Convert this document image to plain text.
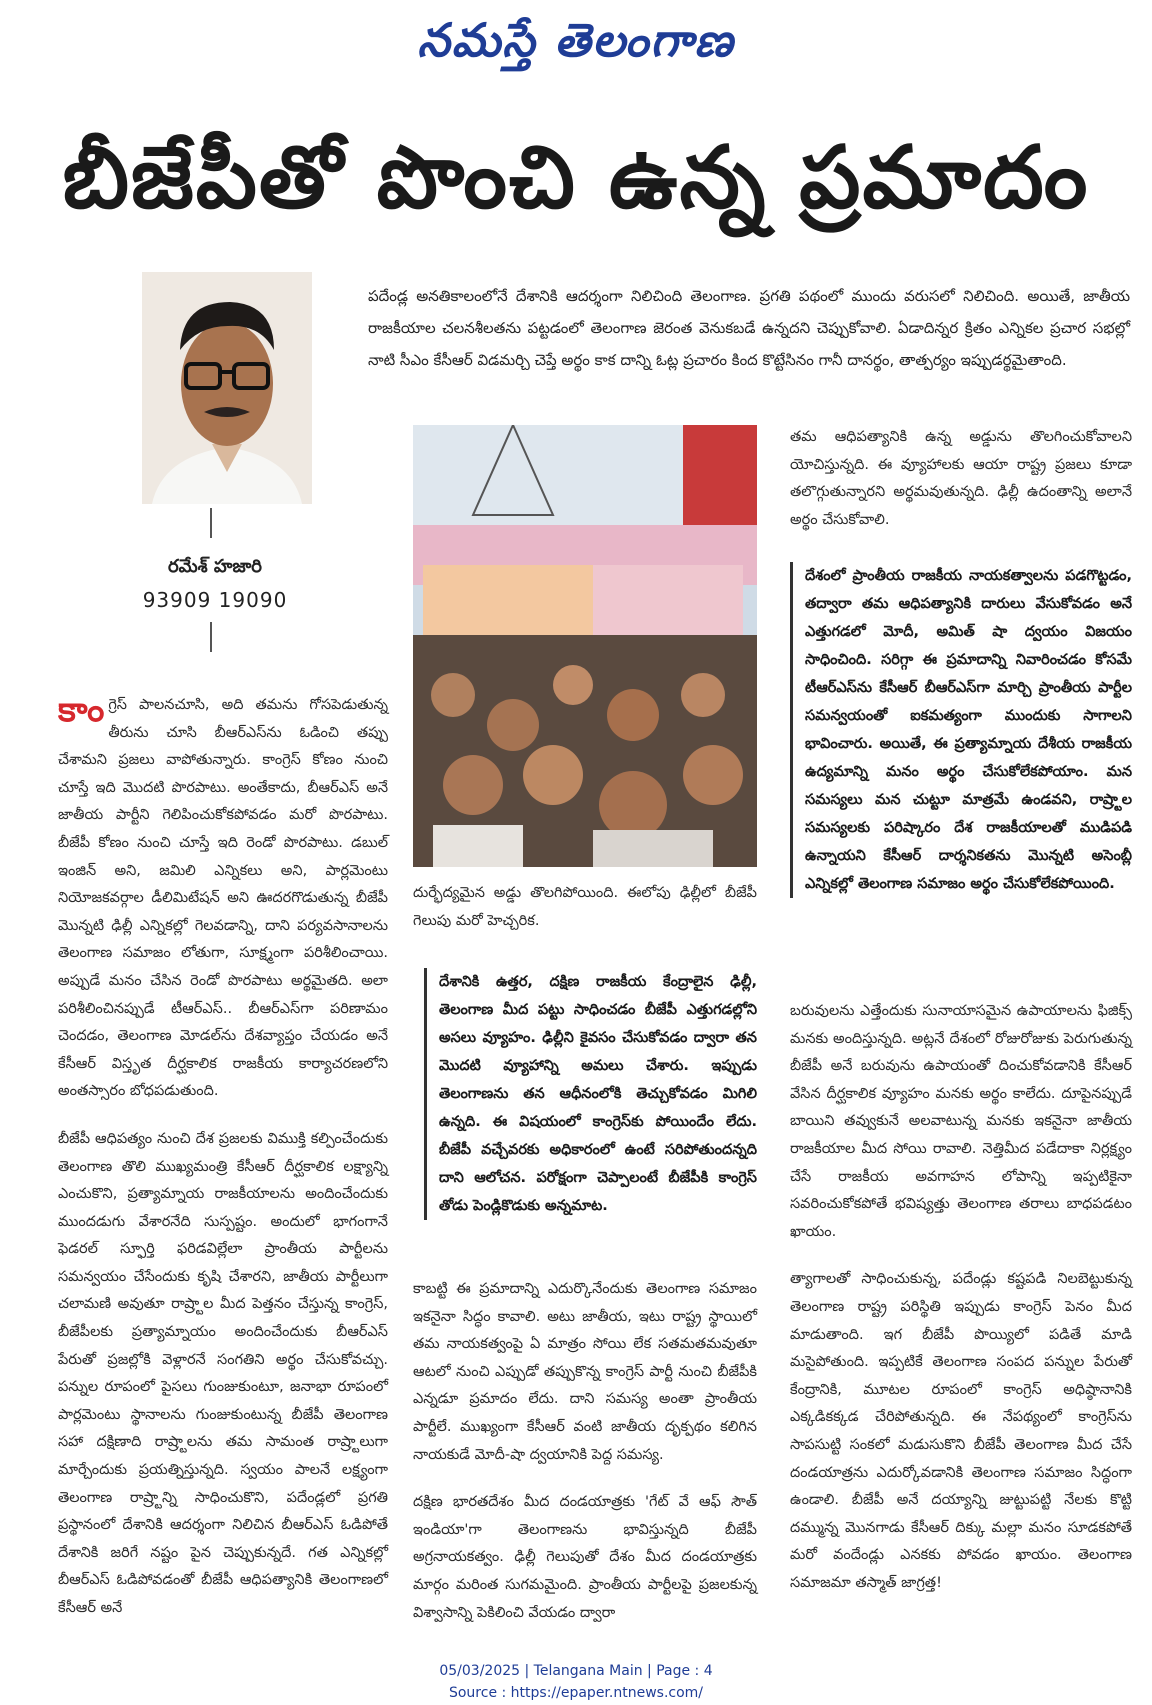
నమస్తే తెలంగాణ
బీజేపీతో పొంచి ఉన్న ప్రమాదం
రమేశ్ హజారి
93909 19090
పదేండ్ల అనతికాలంలోనే దేశానికి ఆదర్శంగా నిలిచింది తెలంగాణ. ప్రగతి పథంలో ముందు వరుసలో నిలిచింది. అయితే, జాతీయ రాజకీయాల చలనశీలతను పట్టడంలో తెలంగాణ జెరంత వెనుకబడే ఉన్నదని చెప్పుకోవాలి. ఏడాదిన్నర క్రితం ఎన్నికల ప్రచార సభల్లో నాటి సీఎం కేసీఆర్ విడమర్చి చెప్తే అర్థం కాక దాన్ని ఓట్ల ప్రచారం కింద కొట్టేసినం గానీ దానర్థం, తాత్పర్యం ఇప్పుడర్థమైతాంది.

కాంగ్రెస్ పాలనచూసి, అది తమను గోసపెడుతున్న తీరును చూసి బీఆర్ఎస్‌ను ఓడించి తప్పు చేశామని ప్రజలు వాపోతున్నారు. కాంగ్రెస్ కోణం నుంచి చూస్తే ఇది మొదటి పొరపాటు. అంతేకాదు, బీఆర్ఎస్ అనే జాతీయ పార్టీని గెలిపించుకోకపోవడం మరో పొరపాటు. బీజేపీ కోణం నుంచి చూస్తే ఇది రెండో పొరపాటు. డబుల్ ఇంజిన్ అని, జమిలి ఎన్నికలు అని, పార్లమెంటు నియోజకవర్గాల డీలిమిటేషన్ అని ఊదరగొడుతున్న బీజేపీ మొన్నటి ఢిల్లీ ఎన్నికల్లో గెలవడాన్ని, దాని పర్యవసానాలను తెలంగాణ సమాజం లోతుగా, సూక్ష్మంగా పరిశీలించాయి. అప్పుడే మనం చేసిన రెండో పొరపాటు అర్థమైతది. అలా పరిశీలించినప్పుడే టీఆర్ఎస్.. బీఆర్ఎస్‌గా పరిణామం చెందడం, తెలంగాణ మోడల్‌ను దేశవ్యాప్తం చేయడం అనే కేసీఆర్ విస్తృత దీర్ఘకాలిక రాజకీయ కార్యాచరణలోని అంతస్సారం బోధపడుతుంది.

బీజేపీ ఆధిపత్యం నుంచి దేశ ప్రజలకు విముక్తి కల్పించేందుకు తెలంగాణ తొలి ముఖ్యమంత్రి కేసీఆర్ దీర్ఘకాలిక లక్ష్యాన్ని ఎంచుకొని, ప్రత్యామ్నాయ రాజకీయాలను అందించేందుకు ముందడుగు వేశారనేది సుస్పష్టం. అందులో భాగంగానే ఫెడరల్ స్ఫూర్తి ఫరిడవిల్లేలా ప్రాంతీయ పార్టీలను సమన్వయం చేసేందుకు కృషి చేశారని, జాతీయ పార్టీలుగా చలామణి అవుతూ రాష్ర్టాల మీద పెత్తనం చేస్తున్న కాంగ్రెస్, బీజేపీలకు ప్రత్యామ్నాయం అందించేందుకు బీఆర్ఎస్ పేరుతో ప్రజల్లోకి వెళ్లారనే సంగతిని అర్థం చేసుకోవచ్చు. పన్నుల రూపంలో పైసలు గుంజుకుంటూ, జనాభా రూపంలో పార్లమెంటు స్థానాలను గుంజుకుంటున్న బీజేపీ తెలంగాణ సహా దక్షిణాది రాష్ర్టాలను తమ సామంత రాష్ర్టాలుగా మార్చేందుకు ప్రయత్నిస్తున్నది. స్వయం పాలనే లక్ష్యంగా తెలంగాణ రాష్ర్టాన్ని సాధించుకొని, పదేండ్లలో ప్రగతి ప్రస్థానంలో దేశానికి ఆదర్శంగా నిలిచిన బీఆర్ఎస్ ఓడిపోతే దేశానికి జరిగే నష్టం పైన చెప్పుకున్నదే. గత ఎన్నికల్లో బీఆర్ఎస్ ఓడిపోవడంతో బీజేపీ ఆధిపత్యానికి తెలంగాణలో కేసీఆర్ అనే

దుర్భేద్యమైన అడ్డు తొలగిపోయింది. ఈలోపు ఢిల్లీలో బీజేపీ గెలుపు మరో హెచ్చరిక.

దేశానికి ఉత్తర, దక్షిణ రాజకీయ కేంద్రాలైన ఢిల్లీ, తెలంగాణ మీద పట్టు సాధించడం బీజేపీ ఎత్తుగడల్లోని అసలు వ్యూహం. ఢిల్లీని కైవసం చేసుకోవడం ద్వారా తన మొదటి వ్యూహాన్ని అమలు చేశారు. ఇప్పుడు తెలంగాణను తన ఆధీనంలోకి తెచ్చుకోవడం మిగిలి ఉన్నది. ఈ విషయంలో కాంగ్రెస్‌కు పోయిందేం లేదు. బీజేపీ వచ్చేవరకు అధికారంలో ఉంటే సరిపోతుందన్నది దాని ఆలోచన. పరోక్షంగా చెప్పాలంటే బీజేపీకి కాంగ్రెస్ తోడు పెండ్లికొడుకు అన్నమాట.

కాబట్టి ఈ ప్రమాదాన్ని ఎదుర్కొనేందుకు తెలంగాణ సమాజం ఇకనైనా సిద్ధం కావాలి. అటు జాతీయ, ఇటు రాష్ట్ర స్థాయిలో తమ నాయకత్వంపై ఏ మాత్రం సోయి లేక సతమతమవుతూ ఆటలో నుంచి ఎప్పుడో తప్పుకొన్న కాంగ్రెస్ పార్టీ నుంచి బీజేపీకి ఎన్నడూ ప్రమాదం లేదు. దాని సమస్య అంతా ప్రాంతీయ పార్టీలే. ముఖ్యంగా కేసీఆర్ వంటి జాతీయ దృక్పథం కలిగిన నాయకుడే మోదీ-షా ద్వయానికి పెద్ద సమస్య.

దక్షిణ భారతదేశం మీద దండయాత్రకు 'గేట్ వే ఆఫ్ సౌత్ ఇండియా'గా తెలంగాణను భావిస్తున్నది బీజేపీ అగ్రనాయకత్వం. ఢిల్లీ గెలుపుతో దేశం మీద దండయాత్రకు మార్గం మరింత సుగమమైంది. ప్రాంతీయ పార్టీలపై ప్రజలకున్న విశ్వాసాన్ని పెకిలించి వేయడం ద్వారా

తమ ఆధిపత్యానికి ఉన్న అడ్డును తొలగించుకోవాలని యోచిస్తున్నది. ఈ వ్యూహాలకు ఆయా రాష్ట్ర ప్రజలు కూడా తలొగ్గుతున్నారని అర్థమవుతున్నది. ఢిల్లీ ఉదంతాన్ని అలానే అర్థం చేసుకోవాలి.

దేశంలో ప్రాంతీయ రాజకీయ నాయకత్వాలను పడగొట్టడం, తద్వారా తమ ఆధిపత్యానికి దారులు వేసుకోవడం అనే ఎత్తుగడలో మోదీ, అమిత్ షా ద్వయం విజయం సాధించింది. సరిగ్గా ఈ ప్రమాదాన్ని నివారించడం కోసమే టీఆర్ఎస్‌ను కేసీఆర్ బీఆర్ఎస్‌గా మార్చి ప్రాంతీయ పార్టీల సమన్వయంతో ఐకమత్యంగా ముందుకు సాగాలని భావించారు. అయితే, ఈ ప్రత్యామ్నాయ దేశీయ రాజకీయ ఉద్యమాన్ని మనం అర్థం చేసుకోలేకపోయాం. మన సమస్యలు మన చుట్టూ మాత్రమే ఉండవని, రాష్ర్టాల సమస్యలకు పరిష్కారం దేశ రాజకీయాలతో ముడిపడి ఉన్నాయని కేసీఆర్ దార్శనికతను మొన్నటి అసెంబ్లీ ఎన్నికల్లో తెలంగాణ సమాజం అర్థం చేసుకోలేకపోయింది.

బరువులను ఎత్తేందుకు సునాయాసమైన ఉపాయాలను ఫిజిక్స్ మనకు అందిస్తున్నది. అట్లనే దేశంలో రోజురోజుకు పెరుగుతున్న బీజేపీ అనే బరువును ఉపాయంతో దించుకోవడానికి కేసీఆర్ వేసిన దీర్ఘకాలిక వ్యూహం మనకు అర్థం కాలేదు. దూపైనప్పుడే బాయిని తవ్వుకునే అలవాటున్న మనకు ఇకనైనా జాతీయ రాజకీయాల మీద సోయి రావాలి. నెత్తిమీద పడేదాకా నిర్లక్ష్యం చేసే రాజకీయ అవగాహన లోపాన్ని ఇప్పటికైనా సవరించుకోకపోతే భవిష్యత్తు తెలంగాణ తరాలు బాధపడటం ఖాయం.

త్యాగాలతో సాధించుకున్న, పదేండ్లు కష్టపడి నిలబెట్టుకున్న తెలంగాణ రాష్ట్ర పరిస్థితి ఇప్పుడు కాంగ్రెస్ పెనం మీద మాడుతాంది. ఇగ బీజేపీ పొయ్యిలో పడితే మాడి మసైపోతుంది. ఇప్పటికే తెలంగాణ సంపద పన్నుల పేరుతో కేంద్రానికి, మూటల రూపంలో కాంగ్రెస్ అధిష్ఠానానికి ఎక్కడికక్కడ చేరిపోతున్నది. ఈ నేపథ్యంలో కాంగ్రెస్‌ను సాపసుట్టి సంకలో మడుసుకొని బీజేపీ తెలంగాణ మీద చేసే దండయాత్రను ఎదుర్కోవడానికి తెలంగాణ సమాజం సిద్ధంగా ఉండాలి. బీజేపీ అనే దయ్యాన్ని జుట్టుపట్టి నేలకు కొట్టి దమ్మున్న మొనగాడు కేసీఆర్ దిక్కు మల్లా మనం సూడకపోతే మరో వందేండ్లు ఎనకకు పోవడం ఖాయం. తెలంగాణ సమాజమా తస్మాత్ జాగ్రత్త!

05/03/2025 | Telangana Main | Page : 4
Source : https://epaper.ntnews.com/
